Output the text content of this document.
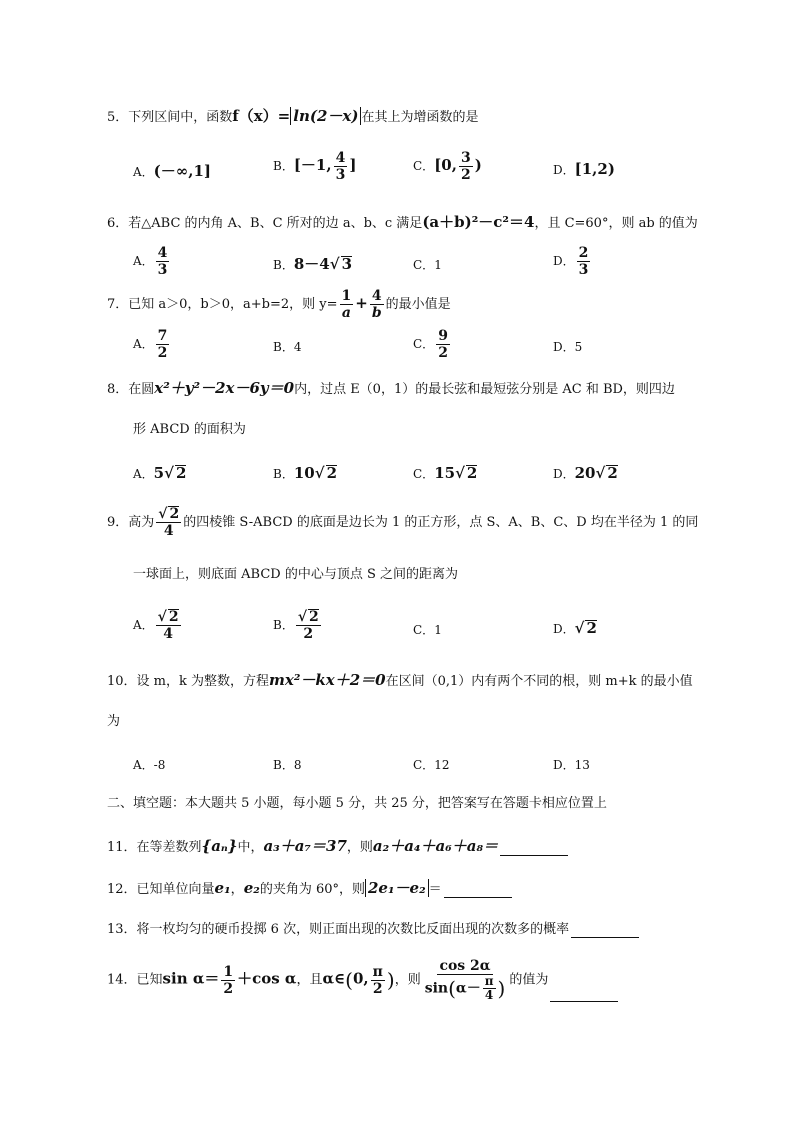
5．下列区间中，函数f（x）= ln(2－x) 在其上为增函数的是
A．(－∞,1]	B．[－1, $\frac{4}{3}$ ]	C．[0, $\frac{3}{2}$ )	D．[1,2)
6．若△ABC 的内角 A、B、C 所对的边 a、b、c 满足(a＋b)²－c²＝4，且 C=60°，则 ab 的值为
A． $\frac{4}{3}$	B．8－4√ 3	C．1	D． $\frac{2}{3}$
7．已知 a＞0，b＞0，a+b=2，则 $y= \frac{1}{a} + \frac{4}{b}$ 的最小值是
A． $\frac{7}{2}$	B．4	C． $\frac{9}{2}$	D．5
8．在圆x²＋y²－2x－6y＝0内，过点 E（0，1）的最长弦和最短弦分别是 AC 和 BD，则四边
形 ABCD 的面积为
A．5√ 2	B．10√ 2	C．15√ 2	D．20√ 2
9．高为 $\frac{√ 2}{4}$ 的四棱锥 S-ABCD 的底面是边长为 1 的正方形，点 S、A、B、C、D 均在半径为 1 的同
一球面上，则底面 ABCD 的中心与顶点 S 之间的距离为
A． $\frac{√ 2}{4}$	B． $\frac{√ 2}{2}$	C．1	D．√ 2
10．设 m，k 为整数，方程mx²－kx＋2＝0在区间（0,1）内有两个不同的根，则 m+k 的最小值
为
A．-8	B．8	C．12	D．13
二、填空题：本大题共 5 小题，每小题 5 分，共 25 分，把答案写在答题卡相应位置上
11．在等差数列{aₙ}中，a₃＋a₇＝37，则a₂＋a₄＋a₆＋a₈＝
12．已知单位向量e₁，e₂的夹角为 60°，则 2e₁－e₂ ＝
13．将一枚均匀的硬币投掷 6 次，则正面出现的次数比反面出现的次数多的概率
14．已知$\sin \alpha= \frac{1}{2} +\cos$ α，且α∈(0, $\frac{\pi}{2}$ )，则 $\frac{\cos 2\alpha}{\sin(\alpha- \frac{\pi}{4} )}$ 的值为
